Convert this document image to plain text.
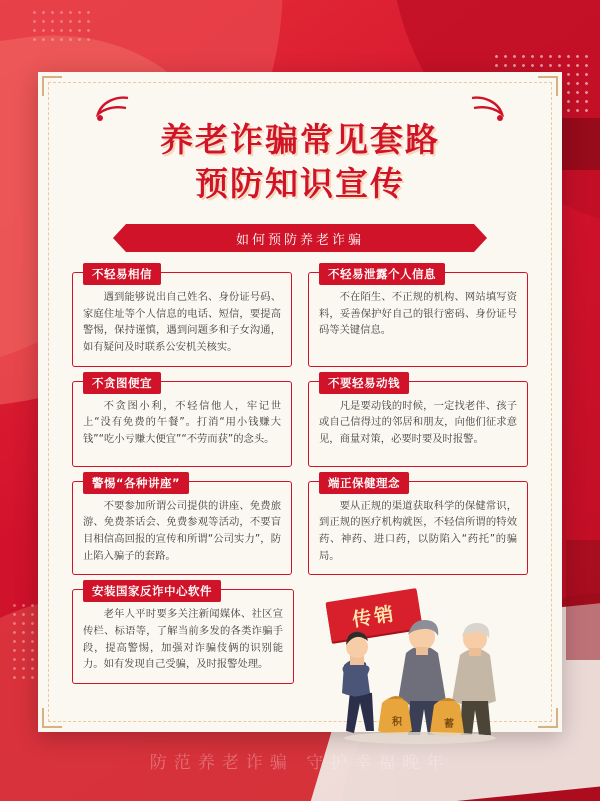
防范养老诈骗 守护幸福晚年
养老诈骗常见套路
预防知识宣传
如何预防养老诈骗
不轻易相信
遇到能够说出自己姓名、身份证号码、家庭住址等个人信息的电话、短信，要提高警惕，保持谨慎，遇到问题多和子女沟通，如有疑问及时联系公安机关核实。
不轻易泄露个人信息
不在陌生、不正规的机构、网站填写资料，妥善保护好自己的银行密码、身份证号码等关键信息。
不贪图便宜
不贪图小利，不轻信他人，牢记世上“没有免费的午餐”。打消“用小钱赚大钱”“吃小亏赚大便宜”“不劳而获”的念头。
不要轻易动钱
凡是要动钱的时候，一定找老伴、孩子或自己信得过的邻居和朋友，向他们征求意见，商量对策，必要时要及时报警。
警惕“各种讲座”
不要参加所谓公司提供的讲座、免费旅游、免费茶话会、免费参观等活动，不要盲目相信高回报的宣传和所谓“公司实力”，防止陷入骗子的套路。
端正保健理念
要从正规的渠道获取科学的保健常识，到正规的医疗机构就医，不轻信所谓的特效药、神药、进口药，以防陷入“药托”的骗局。
安装国家反诈中心软件
老年人平时要多关注新闻媒体、社区宣传栏、标语等，了解当前多发的各类诈骗手段，提高警惕，加强对诈骗伎俩的识别能力。如有发现自己受骗，及时报警处理。
传销
积	蓄
